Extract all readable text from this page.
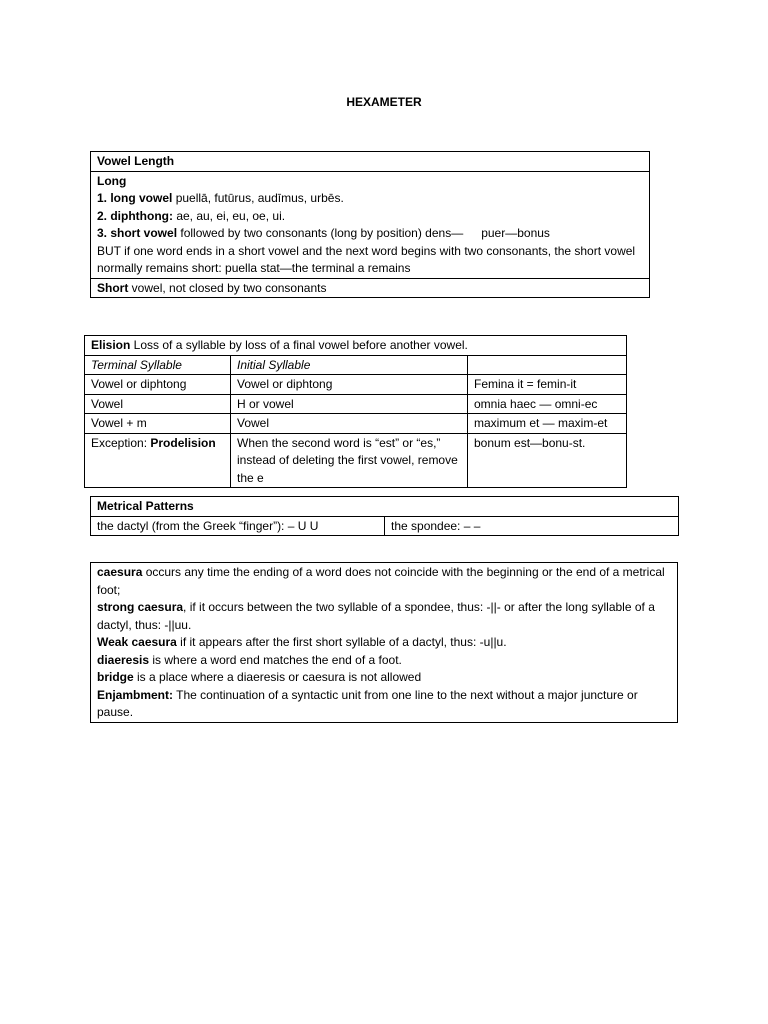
HEXAMETER
Vowel Length
Long
1. long vowel puellā, futūrus, audīmus, urbēs.
2. diphthong: ae, au, ei, eu, oe, ui.
3. short vowel followed by two consonants (long by position) dens— puer—bonus
BUT if one word ends in a short vowel and the next word begins with two consonants, the short vowel normally remains short: puella stat—the terminal a remains
Short vowel, not closed by two consonants
Elision Loss of a syllable by loss of a final vowel before another vowel.		
Terminal Syllable	Initial Syllable	
Vowel or diphtong	Vowel or diphtong	Femina it = femin-it
Vowel	H or vowel	omnia haec — omni-ec
Vowel + m	Vowel	maximum et — maxim-et
Exception: Prodelision	When the second word is “est” or “es,” instead of deleting the first vowel, remove the e	bonum est—bonu-st.
Metrical Patterns
the dactyl (from the Greek “finger”): – U U	the spondee: – –
caesura occurs any time the ending of a word does not coincide with the beginning or the end of a metrical foot;
strong caesura, if it occurs between the two syllable of a spondee, thus: -||- or after the long syllable of a dactyl, thus: -||uu.
Weak caesura if it appears after the first short syllable of a dactyl, thus: -u||u.
diaeresis is where a word end matches the end of a foot.
bridge is a place where a diaeresis or caesura is not allowed
Enjambment: The continuation of a syntactic unit from one line to the next without a major juncture or pause.
